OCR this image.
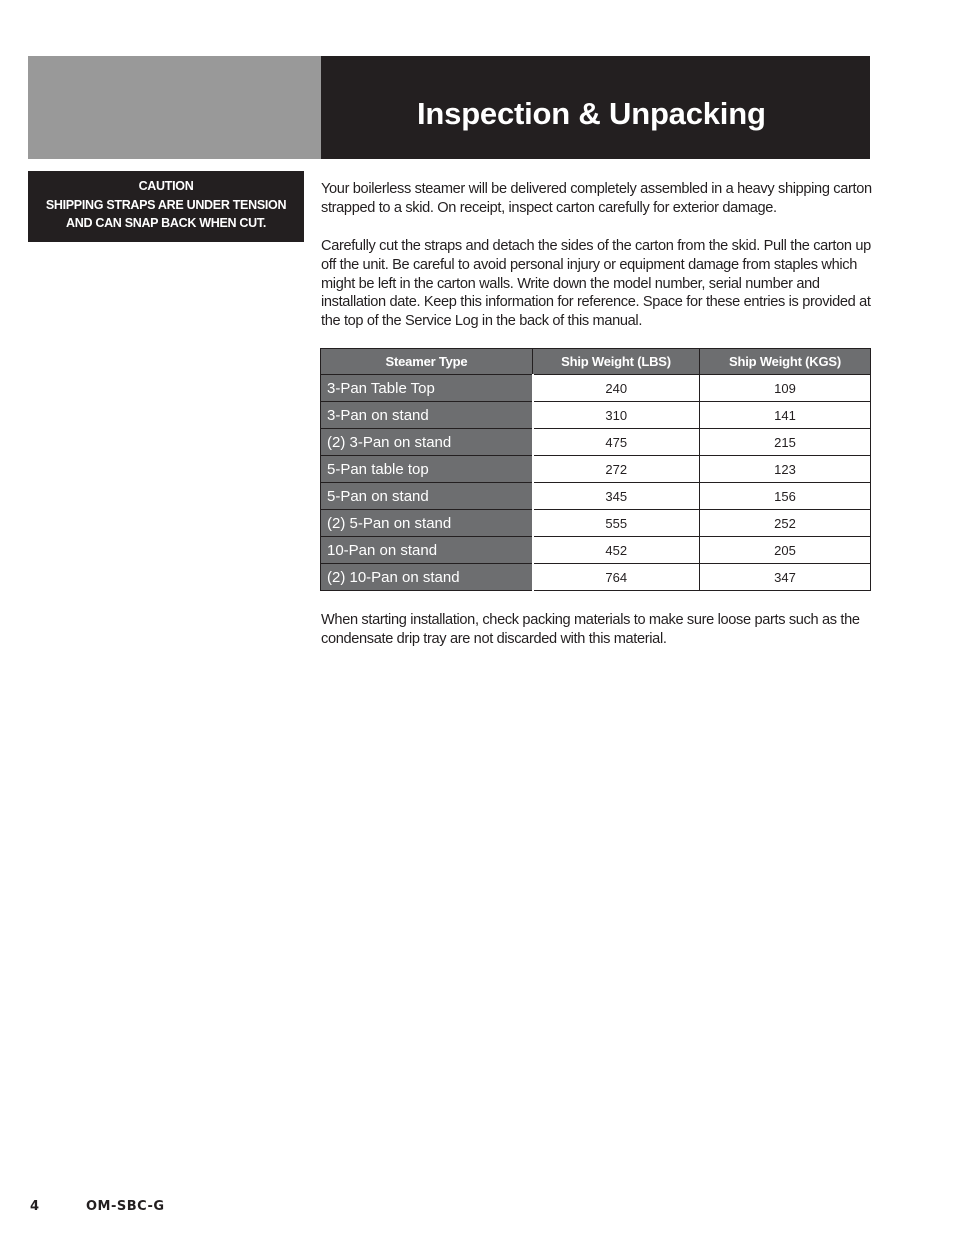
Inspection & Unpacking
CAUTION
SHIPPING STRAPS ARE UNDER TENSION
AND CAN SNAP BACK WHEN CUT.

Your boilerless steamer will be delivered completely assembled in a heavy shipping carton strapped to a skid. On receipt, inspect carton carefully for exterior damage.

Carefully cut the straps and detach the sides of the carton from the skid. Pull the carton up off the unit. Be careful to avoid personal injury or equipment damage from staples which might be left in the carton walls. Write down the model number, serial number and installation date. Keep this information for reference. Space for these entries is provided at the top of the Service Log in the back of this manual.

Steamer Type	Ship Weight (LBS)	Ship Weight (KGS)
3-Pan Table Top	240	109
3-Pan on stand	310	141
(2) 3-Pan on stand	475	215
5-Pan table top	272	123
5-Pan on stand	345	156
(2) 5-Pan on stand	555	252
10-Pan on stand	452	205
(2) 10-Pan on stand	764	347

When starting installation, check packing materials to make sure loose parts such as the condensate drip tray are not discarded with this material.

4	OM-SBC-G
